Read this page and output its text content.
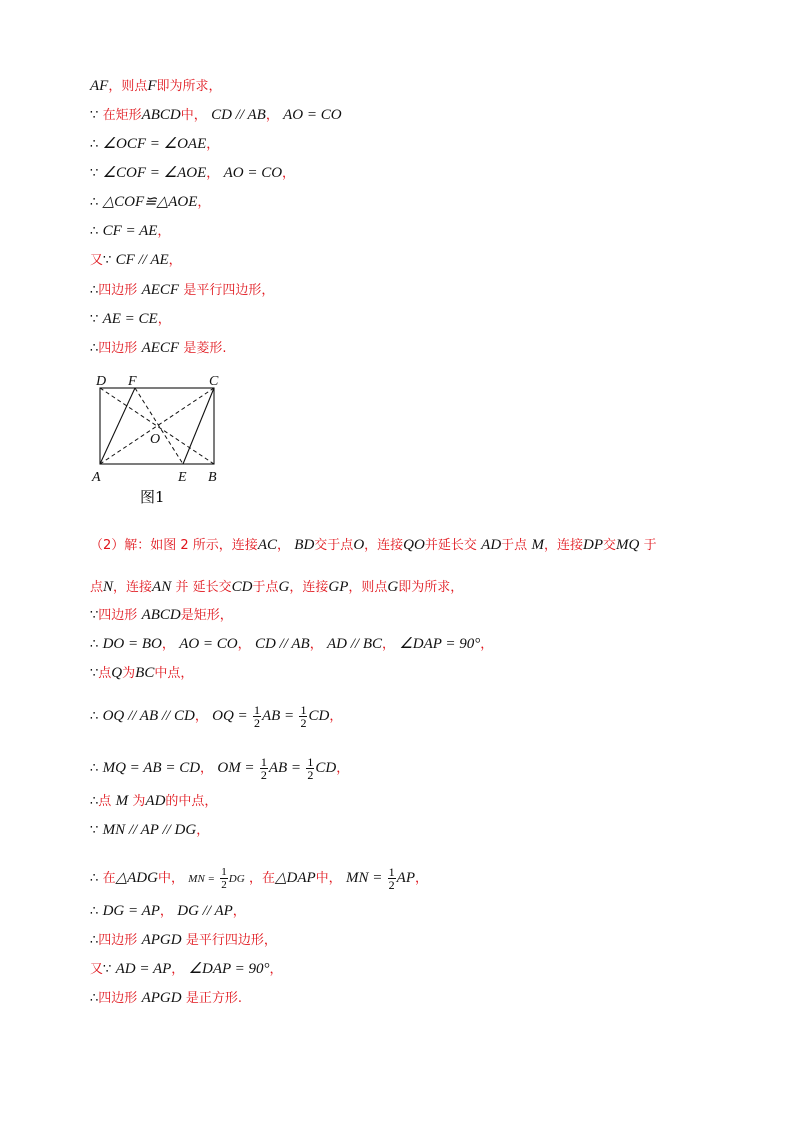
AF，则点F即为所求，
∵ 在矩形ABCD中， CD // AB， AO = CO
∴ ∠OCF = ∠OAE，
∵ ∠COF = ∠AOE， AO = CO，
∴ △COF≌△AOE，
∴ CF = AE，
又∵ CF // AE，
∴四边形 AECF 是平行四边形，
∵ AE = CE，
∴四边形 AECF 是菱形.
D F	C
O
A	E B
图1
（2）解：如图 2 所示，连接AC， BD交于点O，连接QO并延长交 AD于点 M，连接DP交MQ 于
点N，连接AN 并 延长交CD于点G，连接GP，则点G即为所求，
∵四边形 ABCD是矩形，
∴ DO = BO， AO = CO， CD // AB， AD // BC， ∠DAP = 90°，
∵点Q为BC中点，
∴ OQ // AB // CD， OQ = $\frac{1}{2}$ AB = $\frac{1}{2}$ CD，
∴ MQ = AB = CD， OM = $\frac{1}{2}$ AB = $\frac{1}{2}$ CD，
∴点 M 为AD的中点，
∵ MN // AP // DG，
∴ 在△ADG中， MN = $\frac{1}{2}$ DG ，在△DAP中， MN = $\frac{1}{2}$ AP，
∴ DG = AP， DG // AP，
∴四边形 APGD 是平行四边形，
又∵ AD = AP， ∠DAP = 90°，
∴四边形 APGD 是正方形.
